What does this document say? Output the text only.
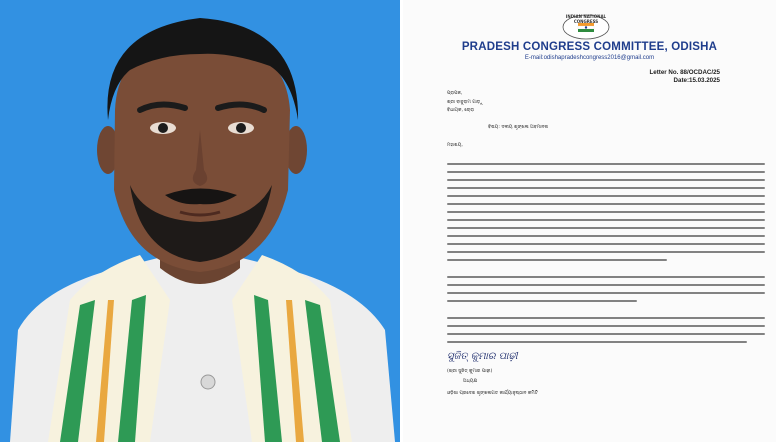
INDIAN NATIONAL CONGRESS
PRADESH CONGRESS COMMITTEE, ODISHA
E-mail:odishapradeshcongress2016@gmail.com
Letter No. 88/OCDAC/25
Date:15.03.2025
ପ୍ରାପକ,
ଶ୍ରୀ ବାବୁରାମ ଗାଡ଼ୁ
ବିଧାୟକ, ଚୋରା
ବିଷୟ: ଦଳୀୟ ଶୃଙ୍ଖଳା ଅବମାନନା
ମହାଶୟ,
ସୁଜିତ୍ କୁମାର ପାଢ଼ୀ
(ଶ୍ରୀ ସୁଜିତ୍ କୁମାର ପାଢ଼ୀ)
ଅଧ୍ୟକ୍ଷ
ଓଡ଼ିଶା ପ୍ରଦେଶ ଶୃଙ୍ଖଳାଗତ କାର୍ଯ୍ୟାନୁଷ୍ଠାନ କମିଟି
